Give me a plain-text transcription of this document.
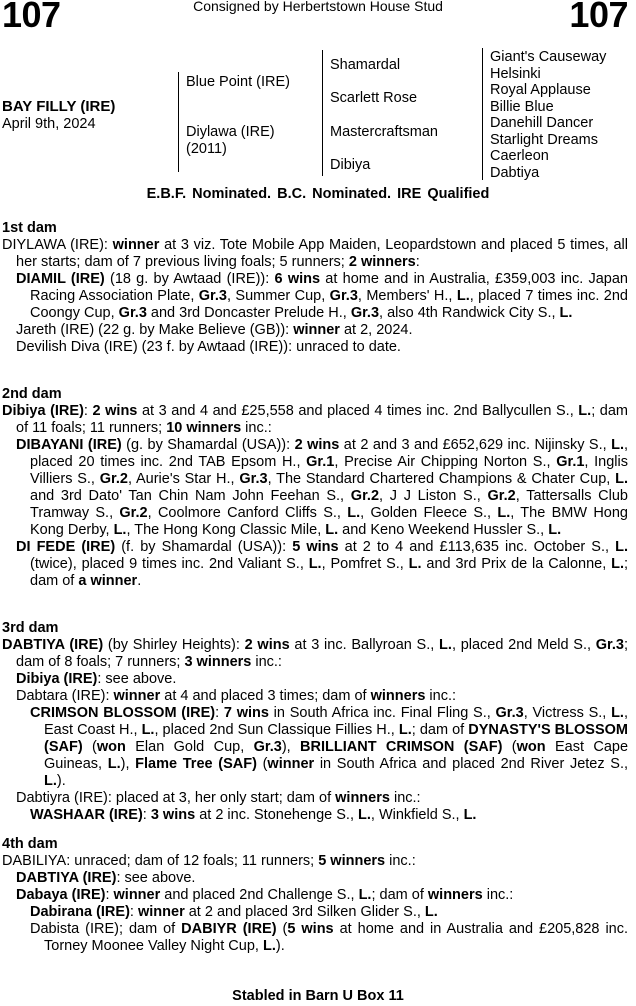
107	Consigned by Herbertstown House Stud	107
BAY FILLY (IRE)
April 9th, 2024
Blue Point (IRE)
Diylawa (IRE)
(2011)
Shamardal
Scarlett Rose
Mastercraftsman
Dibiya
Giant's Causeway
Helsinki
Royal Applause
Billie Blue
Danehill Dancer
Starlight Dreams
Caerleon
Dabtiya
E.B.F. Nominated. B.C. Nominated. IRE Qualified
1st dam

DIYLAWA (IRE): winner at 3 viz. Tote Mobile App Maiden, Leopardstown and placed 5 times, all her starts; dam of 7 previous living foals; 5 runners; 2 winners:

DIAMIL (IRE) (18 g. by Awtaad (IRE)): 6 wins at home and in Australia, £359,003 inc. Japan Racing Association Plate, Gr.3, Summer Cup, Gr.3, Members' H., L., placed 7 times inc. 2nd Coongy Cup, Gr.3 and 3rd Doncaster Prelude H., Gr.3, also 4th Randwick City S., L.

Jareth (IRE) (22 g. by Make Believe (GB)): winner at 2, 2024.

Devilish Diva (IRE) (23 f. by Awtaad (IRE)): unraced to date.

2nd dam

Dibiya (IRE): 2 wins at 3 and 4 and £25,558 and placed 4 times inc. 2nd Ballycullen S., L.; dam of 11 foals; 11 runners; 10 winners inc.:

DIBAYANI (IRE) (g. by Shamardal (USA)): 2 wins at 2 and 3 and £652,629 inc. Nijinsky S., L., placed 20 times inc. 2nd TAB Epsom H., Gr.1, Precise Air Chipping Norton S., Gr.1, Inglis Villiers S., Gr.2, Aurie's Star H., Gr.3, The Standard Chartered Champions & Chater Cup, L. and 3rd Dato' Tan Chin Nam John Feehan S., Gr.2, J J Liston S., Gr.2, Tattersalls Club Tramway S., Gr.2, Coolmore Canford Cliffs S., L., Golden Fleece S., L., The BMW Hong Kong Derby, L., The Hong Kong Classic Mile, L. and Keno Weekend Hussler S., L.

DI FEDE (IRE) (f. by Shamardal (USA)): 5 wins at 2 to 4 and £113,635 inc. October S., L. (twice), placed 9 times inc. 2nd Valiant S., L., Pomfret S., L. and 3rd Prix de la Calonne, L.; dam of a winner.

3rd dam

DABTIYA (IRE) (by Shirley Heights): 2 wins at 3 inc. Ballyroan S., L., placed 2nd Meld S., Gr.3; dam of 8 foals; 7 runners; 3 winners inc.:

Dibiya (IRE): see above.

Dabtara (IRE): winner at 4 and placed 3 times; dam of winners inc.:

CRIMSON BLOSSOM (IRE): 7 wins in South Africa inc. Final Fling S., Gr.3, Victress S., L., East Coast H., L., placed 2nd Sun Classique Fillies H., L.; dam of DYNASTY'S BLOSSOM (SAF) (won Elan Gold Cup, Gr.3), BRILLIANT CRIMSON (SAF) (won East Cape Guineas, L.), Flame Tree (SAF) (winner in South Africa and placed 2nd River Jetez S., L.).

Dabtiyra (IRE): placed at 3, her only start; dam of winners inc.:

WASHAAR (IRE): 3 wins at 2 inc. Stonehenge S., L., Winkfield S., L.

4th dam

DABILIYA: unraced; dam of 12 foals; 11 runners; 5 winners inc.:

DABTIYA (IRE): see above.

Dabaya (IRE): winner and placed 2nd Challenge S., L.; dam of winners inc.:

Dabirana (IRE): winner at 2 and placed 3rd Silken Glider S., L.

Dabista (IRE); dam of DABIYR (IRE) (5 wins at home and in Australia and £205,828 inc. Torney Moonee Valley Night Cup, L.).

Stabled in Barn U Box 11
